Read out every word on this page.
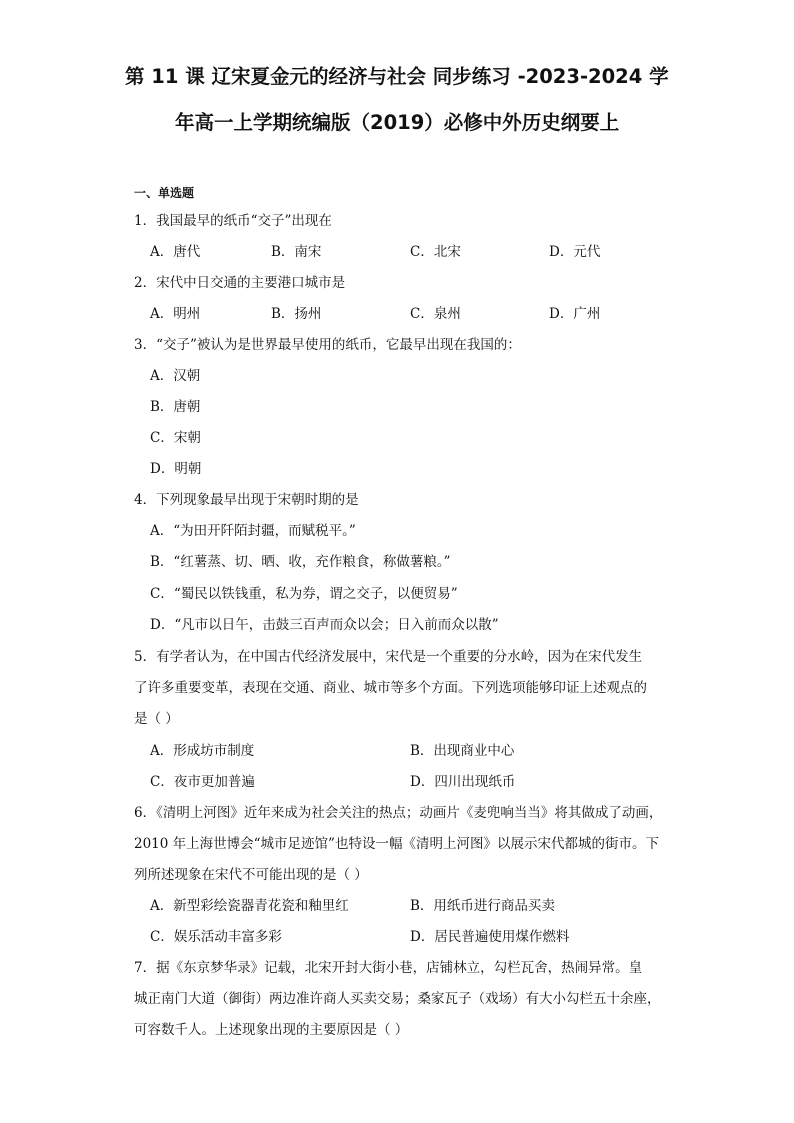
第 11 课 辽宋夏金元的经济与社会 同步练习 -2023-2024 学
年高一上学期统编版（2019）必修中外历史纲要上
一、单选题
1．我国最早的纸币“交子”出现在
A．唐代	B．南宋	C．北宋	D．元代
2．宋代中日交通的主要港口城市是
A．明州	B．扬州	C．泉州	D．广州
3．“交子”被认为是世界最早使用的纸币，它最早出现在我国的：
A．汉朝
B．唐朝
C．宋朝
D．明朝
4．下列现象最早出现于宋朝时期的是
A．“为田开阡陌封疆，而赋税平。”
B．“红薯蒸、切、晒、收，充作粮食，称做薯粮。”
C．“蜀民以铁钱重，私为券，谓之交子，以便贸易”
D．“凡市以日午，击鼓三百声而众以会；日入前而众以散”
5．有学者认为，在中国古代经济发展中，宋代是一个重要的分水岭，因为在宋代发生
了许多重要变革，表现在交通、商业、城市等多个方面。下列选项能够印证上述观点的
是（ ）
A．形成坊市制度	B．出现商业中心
C．夜市更加普遍	D．四川出现纸币
6．《清明上河图》近年来成为社会关注的热点；动画片《麦兜响当当》将其做成了动画，
2010 年上海世博会“城市足迹馆”也特设一幅《清明上河图》以展示宋代都城的街市。下
列所述现象在宋代不可能出现的是（ ）
A．新型彩绘瓷器青花瓷和釉里红	B．用纸币进行商品买卖
C．娱乐活动丰富多彩	D．居民普遍使用煤作燃料
7．据《东京梦华录》记载，北宋开封大街小巷，店铺林立，勾栏瓦舍，热闹异常。皇
城正南门大道（御街）两边准许商人买卖交易；桑家瓦子（戏场）有大小勾栏五十余座，
可容数千人。上述现象出现的主要原因是（ ）
